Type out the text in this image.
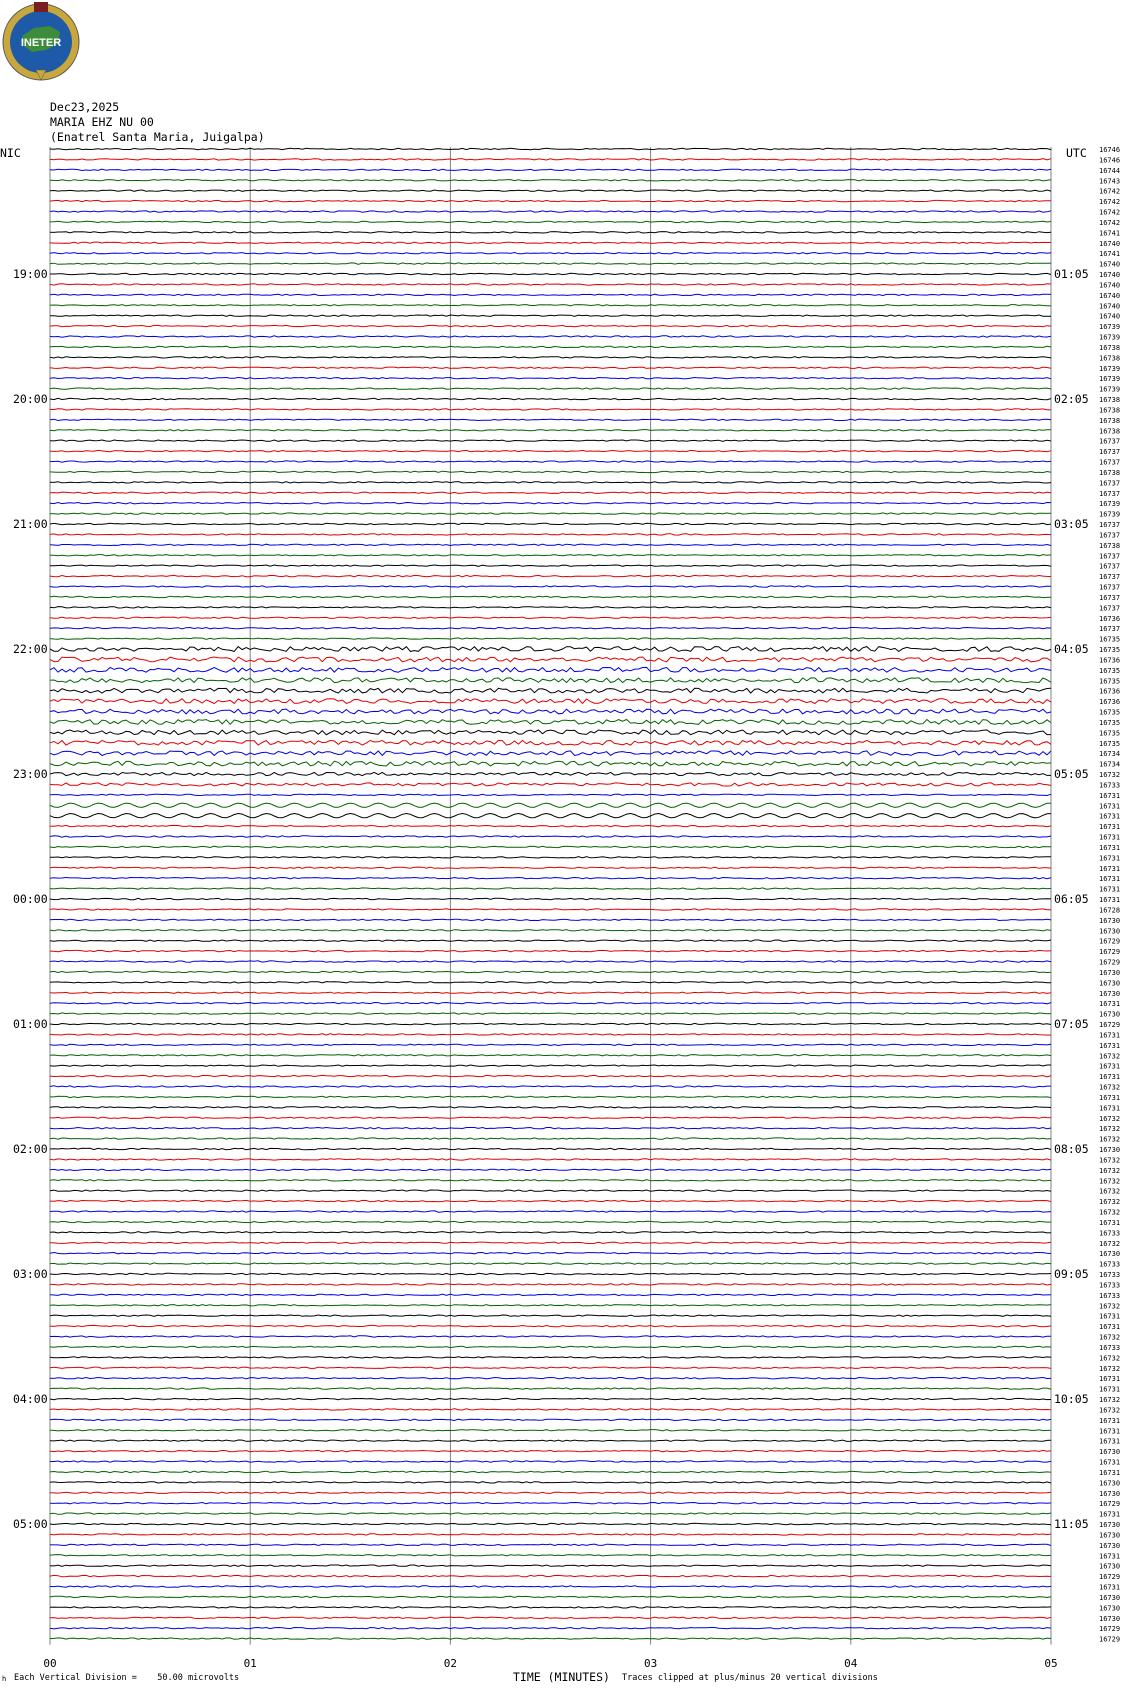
INETER
Dec23,2025
MARIA EHZ NU 00
(Enatrel Santa Maria, Juigalpa)
NIC	UTC
00	01	02	03	04	05
16746
16746
16744
16743
16742
16742
16742
16742
16741
16740
16741
16740
16740
16740
16740
16740
16740
16739
16739
16738
16738
16739
16739
16739
16738
16738
16738
16738
16737
16737
16737
16738
16737
16737
16739
16739
16737
16737
16738
16737
16737
16737
16737
16737
16737
16736
16737
16735
16735
16736
16735
16735
16736
16736
16735
16735
16735
16735
16734
16734
16732
16733
16731
16731
16731
16731
16731
16731
16731
16731
16731
16731
16731
16728
16730
16730
16729
16729
16729
16730
16730
16730
16731
16730
16729
16731
16731
16732
16731
16731
16732
16731
16731
16732
16732
16732
16730
16732
16732
16732
16732
16732
16732
16731
16733
16732
16730
16733
16733
16733
16733
16732
16731
16731
16732
16733
16732
16732
16731
16731
16732
16732
16731
16731
16731
16730
16731
16731
16730
16730
16729
16731
16730
16730
16730
16731
16730
16729
16731
16730
16730
16730
16729
16729
19:00	01:05
20:00	02:05
21:00	03:05
22:00	04:05
23:00	05:05
00:00	06:05
01:00	07:05
02:00	08:05
03:00	09:05
04:00	10:05
05:00	11:05
h Each Vertical Division =    50.00 microvolts	TIME (MINUTES) Traces clipped at plus/minus 20 vertical divisions
